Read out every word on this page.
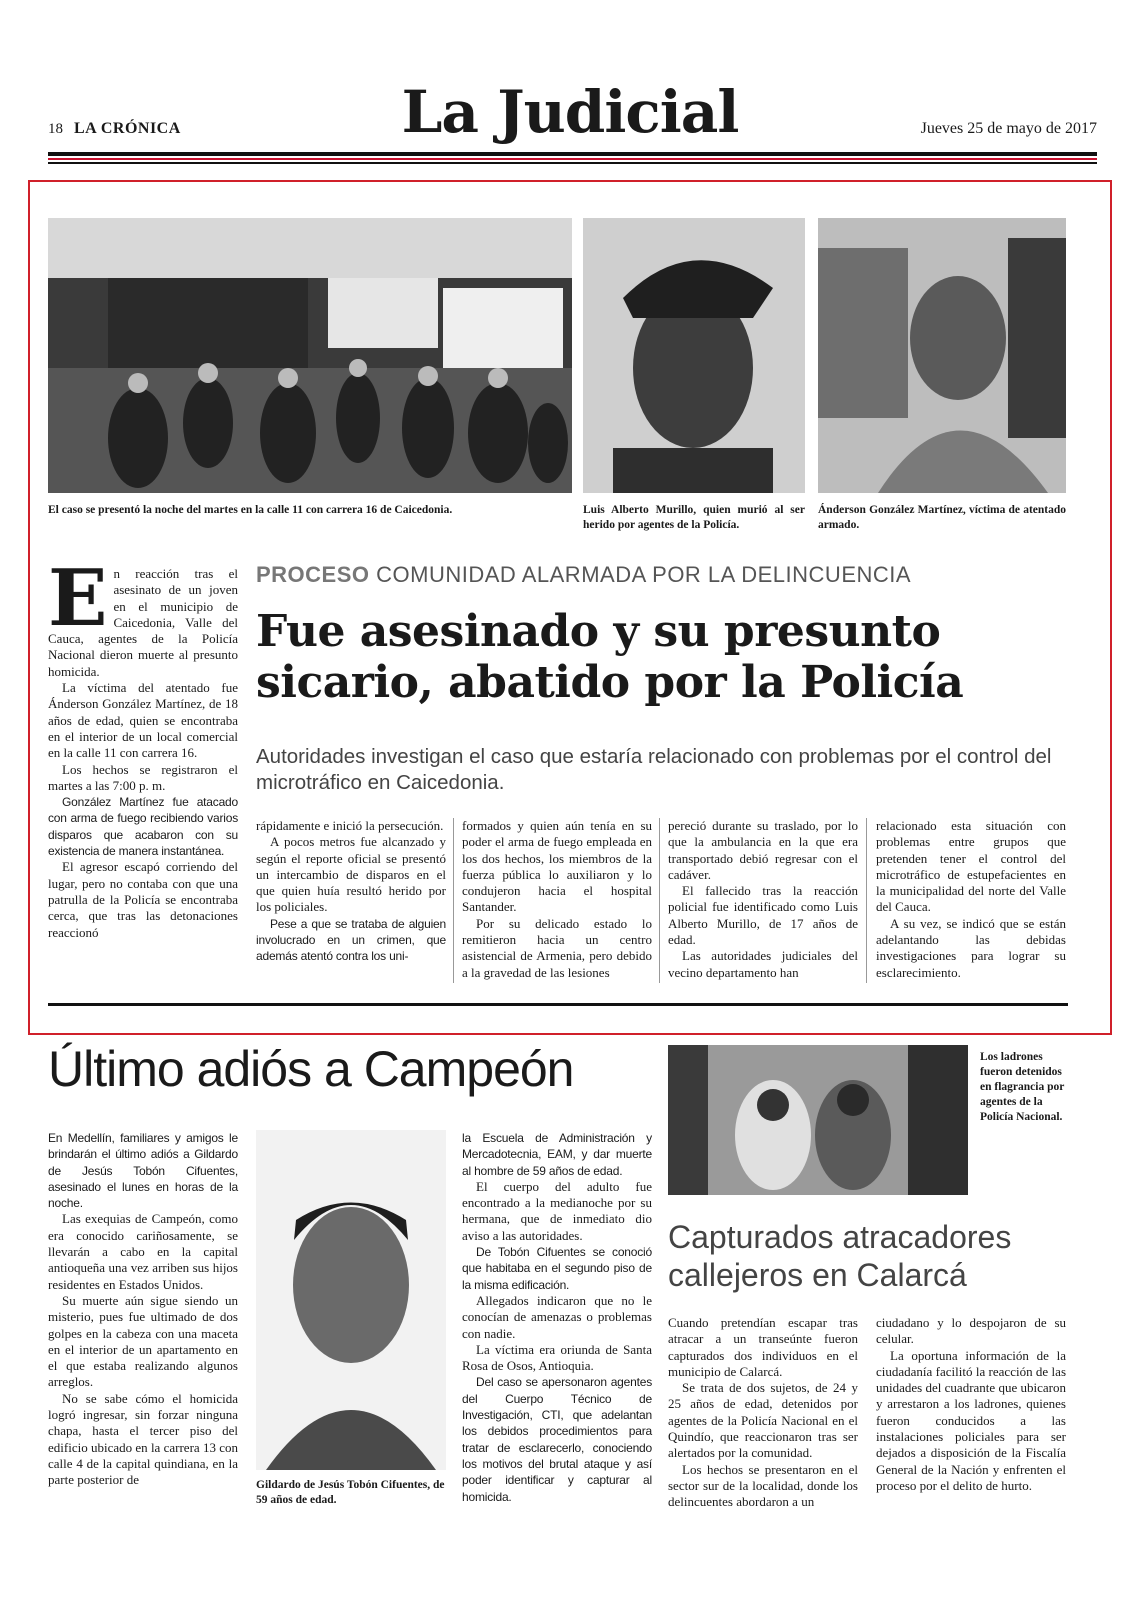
18 LA CRÓNICA	La Judicial	Jueves 25 de mayo de 2017
El caso se presentó la noche del martes en la calle 11 con carrera 16 de Caicedonia.	Luis Alberto Murillo, quien murió al ser herido por agentes de la Policía.
Ánderson González Martínez, víctima de atentado armado.
PROCESO COMUNIDAD ALARMADA POR LA DELINCUENCIA
Fue asesinado y su presunto sicario, abatido por la Policía
Autoridades investigan el caso que estaría relacionado con problemas por el control del microtráfico en Caicedonia.

En reacción tras el asesinato de un joven en el municipio de Caicedonia, Valle del Cauca, agentes de la Policía Nacional dieron muerte al presunto homicida.

La víctima del atentado fue Ánderson González Martínez, de 18 años de edad, quien se encontraba en el interior de un local comercial en la calle 11 con carrera 16.

Los hechos se registraron el martes a las 7:00 p. m.

González Martínez fue atacado con arma de fuego recibiendo varios disparos que acabaron con su existencia de manera instantánea.

El agresor escapó corriendo del lugar, pero no contaba con que una patrulla de la Policía se encontraba cerca, que tras las detonaciones reaccionó

rápidamente e inició la persecución.

A pocos metros fue alcanzado y según el reporte oficial se presentó un intercambio de disparos en el que quien huía resultó herido por los policiales.

Pese a que se trataba de alguien involucrado en un crimen, que además atentó contra los uni-

formados y quien aún tenía en su poder el arma de fuego empleada en los dos hechos, los miembros de la fuerza pública lo auxiliaron y lo condujeron hacia el hospital Santander.

Por su delicado estado lo remitieron hacia un centro asistencial de Armenia, pero debido a la gravedad de las lesiones

pereció durante su traslado, por lo que la ambulancia en la que era transportado debió regresar con el cadáver.

El fallecido tras la reacción policial fue identificado como Luis Alberto Murillo, de 17 años de edad.

Las autoridades judiciales del vecino departamento han

relacionado esta situación con problemas entre grupos que pretenden tener el control del microtráfico de estupefacientes en la municipalidad del norte del Valle del Cauca.

A su vez, se indicó que se están adelantando las debidas investigaciones para lograr su esclarecimiento.

Último adiós a Campeón

En Medellín, familiares y amigos le brindarán el último adiós a Gildardo de Jesús Tobón Cifuentes, asesinado el lunes en horas de la noche.

Las exequias de Campeón, como era conocido cariñosamente, se llevarán a cabo en la capital antioqueña una vez arriben sus hijos residentes en Estados Unidos.

Su muerte aún sigue siendo un misterio, pues fue ultimado de dos golpes en la cabeza con una maceta en el interior de un apartamento en el que estaba realizando algunos arreglos.

No se sabe cómo el homicida logró ingresar, sin forzar ninguna chapa, hasta el tercer piso del edificio ubicado en la carrera 13 con calle 4 de la capital quindiana, en la parte posterior de	Gildardo de Jesús Tobón Cifuentes, de 59 años de edad.

la Escuela de Administración y Mercadotecnia, EAM, y dar muerte al hombre de 59 años de edad.

El cuerpo del adulto fue encontrado a la medianoche por su hermana, que de inmediato dio aviso a las autoridades.

De Tobón Cifuentes se conoció que habitaba en el segundo piso de la misma edificación.

Allegados indicaron que no le conocían de amenazas o problemas con nadie.

La víctima era oriunda de Santa Rosa de Osos, Antioquia.

Del caso se apersonaron agentes del Cuerpo Técnico de Investigación, CTI, que adelantan los debidos procedimientos para tratar de esclarecerlo, conociendo los motivos del brutal ataque y así poder identificar y capturar al homicida.

Los ladrones fueron detenidos en flagrancia por agentes de la Policía Nacional.
Capturados atracadores callejeros en Calarcá

Cuando pretendían escapar tras atracar a un transeúnte fueron capturados dos individuos en el municipio de Calarcá.

Se trata de dos sujetos, de 24 y 25 años de edad, detenidos por agentes de la Policía Nacional en el Quindío, que reaccionaron tras ser alertados por la comunidad.

Los hechos se presentaron en el sector sur de la localidad, donde los delincuentes abordaron a un

ciudadano y lo despojaron de su celular.

La oportuna información de la ciudadanía facilitó la reacción de las unidades del cuadrante que ubicaron y arrestaron a los ladrones, quienes fueron conducidos a las instalaciones policiales para ser dejados a disposición de la Fiscalía General de la Nación y enfrenten el proceso por el delito de hurto.
